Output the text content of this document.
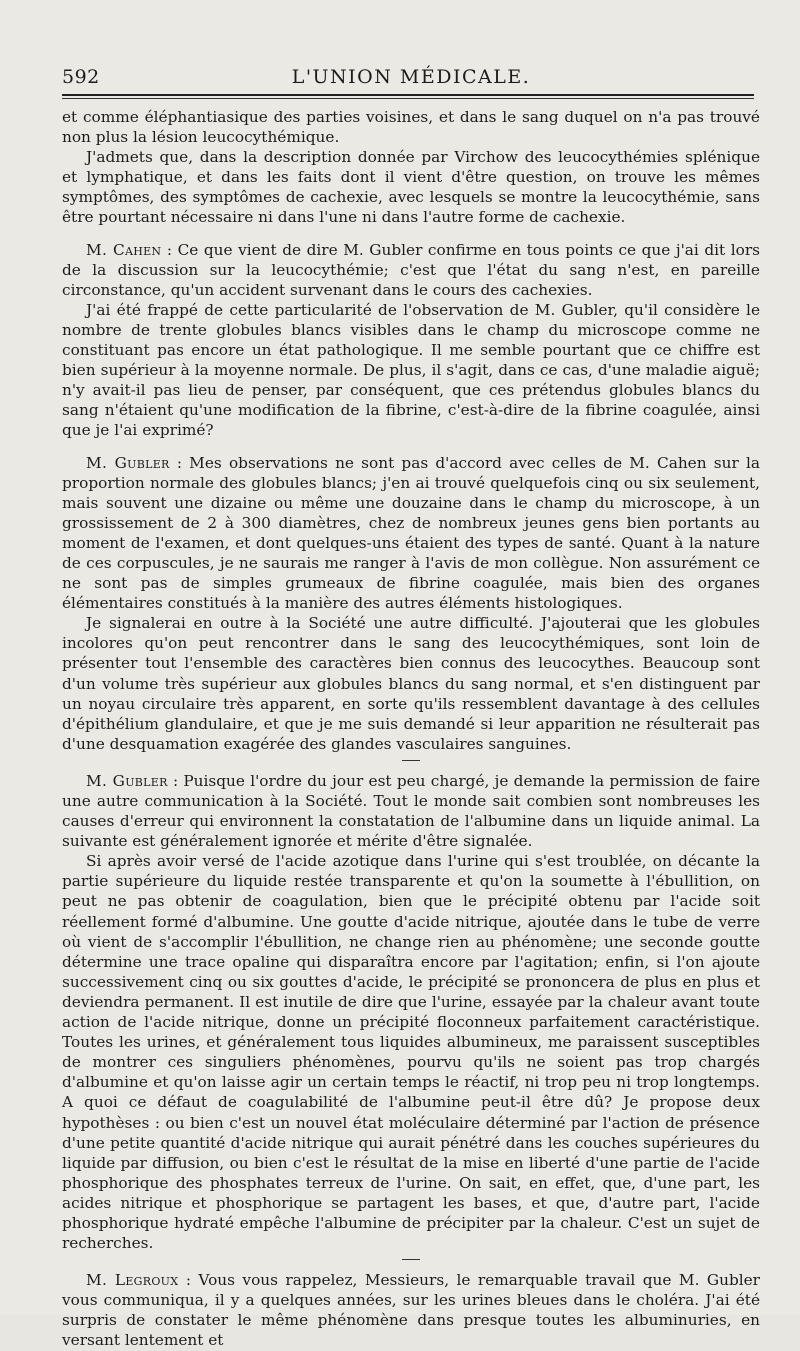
592	L'UNION MÉDICALE.

et comme éléphantiasique des parties voisines, et dans le sang duquel on n'a pas trouvé non plus la lésion leucocythémique.

J'admets que, dans la description donnée par Virchow des leucocythémies splénique et lymphatique, et dans les faits dont il vient d'être question, on trouve les mêmes symptômes, des symptômes de cachexie, avec lesquels se montre la leucocythémie, sans être pourtant nécessaire ni dans l'une ni dans l'autre forme de cachexie.

M. Cahen : Ce que vient de dire M. Gubler confirme en tous points ce que j'ai dit lors de la discussion sur la leucocythémie; c'est que l'état du sang n'est, en pareille circonstance, qu'un accident survenant dans le cours des cachexies.

J'ai été frappé de cette particularité de l'observation de M. Gubler, qu'il considère le nombre de trente globules blancs visibles dans le champ du microscope comme ne constituant pas encore un état pathologique. Il me semble pourtant que ce chiffre est bien supérieur à la moyenne normale. De plus, il s'agit, dans ce cas, d'une maladie aiguë; n'y avait-il pas lieu de penser, par conséquent, que ces prétendus globules blancs du sang n'étaient qu'une modification de la fibrine, c'est-à-dire de la fibrine coagulée, ainsi que je l'ai exprimé?

M. Gubler : Mes observations ne sont pas d'accord avec celles de M. Cahen sur la proportion normale des globules blancs; j'en ai trouvé quelquefois cinq ou six seulement, mais souvent une dizaine ou même une douzaine dans le champ du microscope, à un grossissement de 2 à 300 diamètres, chez de nombreux jeunes gens bien portants au moment de l'examen, et dont quelques-uns étaient des types de santé. Quant à la nature de ces corpuscules, je ne saurais me ranger à l'avis de mon collègue. Non assurément ce ne sont pas de simples grumeaux de fibrine coagulée, mais bien des organes élémentaires constitués à la manière des autres éléments histologiques.

Je signalerai en outre à la Société une autre difficulté. J'ajouterai que les globules incolores qu'on peut rencontrer dans le sang des leucocythémiques, sont loin de présenter tout l'ensemble des caractères bien connus des leucocythes. Beaucoup sont d'un volume très supérieur aux globules blancs du sang normal, et s'en distinguent par un noyau circulaire très apparent, en sorte qu'ils ressemblent davantage à des cellules d'épithélium glandulaire, et que je me suis demandé si leur apparition ne résulterait pas d'une desquamation exagérée des glandes vasculaires sanguines.

M. Gubler : Puisque l'ordre du jour est peu chargé, je demande la permission de faire une autre communication à la Société. Tout le monde sait combien sont nombreuses les causes d'erreur qui environnent la constatation de l'albumine dans un liquide animal. La suivante est généralement ignorée et mérite d'être signalée.

Si après avoir versé de l'acide azotique dans l'urine qui s'est troublée, on décante la partie supérieure du liquide restée transparente et qu'on la soumette à l'ébullition, on peut ne pas obtenir de coagulation, bien que le précipité obtenu par l'acide soit réellement formé d'albumine. Une goutte d'acide nitrique, ajoutée dans le tube de verre où vient de s'accomplir l'ébullition, ne change rien au phénomène; une seconde goutte détermine une trace opaline qui disparaîtra encore par l'agitation; enfin, si l'on ajoute successivement cinq ou six gouttes d'acide, le précipité se prononcera de plus en plus et deviendra permanent. Il est inutile de dire que l'urine, essayée par la chaleur avant toute action de l'acide nitrique, donne un précipité floconneux parfaitement caractéristique. Toutes les urines, et généralement tous liquides albumineux, me paraissent susceptibles de montrer ces singuliers phénomènes, pourvu qu'ils ne soient pas trop chargés d'albumine et qu'on laisse agir un certain temps le réactif, ni trop peu ni trop longtemps. A quoi ce défaut de coagulabilité de l'albumine peut-il être dû? Je propose deux hypothèses : ou bien c'est un nouvel état moléculaire déterminé par l'action de présence d'une petite quantité d'acide nitrique qui aurait pénétré dans les couches supérieures du liquide par diffusion, ou bien c'est le résultat de la mise en liberté d'une partie de l'acide phosphorique des phosphates terreux de l'urine. On sait, en effet, que, d'une part, les acides nitrique et phosphorique se partagent les bases, et que, d'autre part, l'acide phosphorique hydraté empêche l'albumine de précipiter par la chaleur. C'est un sujet de recherches.

M. Legroux : Vous vous rappelez, Messieurs, le remarquable travail que M. Gubler vous communiqua, il y a quelques années, sur les urines bleues dans le choléra. J'ai été surpris de constater le même phénomène dans presque toutes les albuminuries, en versant lentement et
